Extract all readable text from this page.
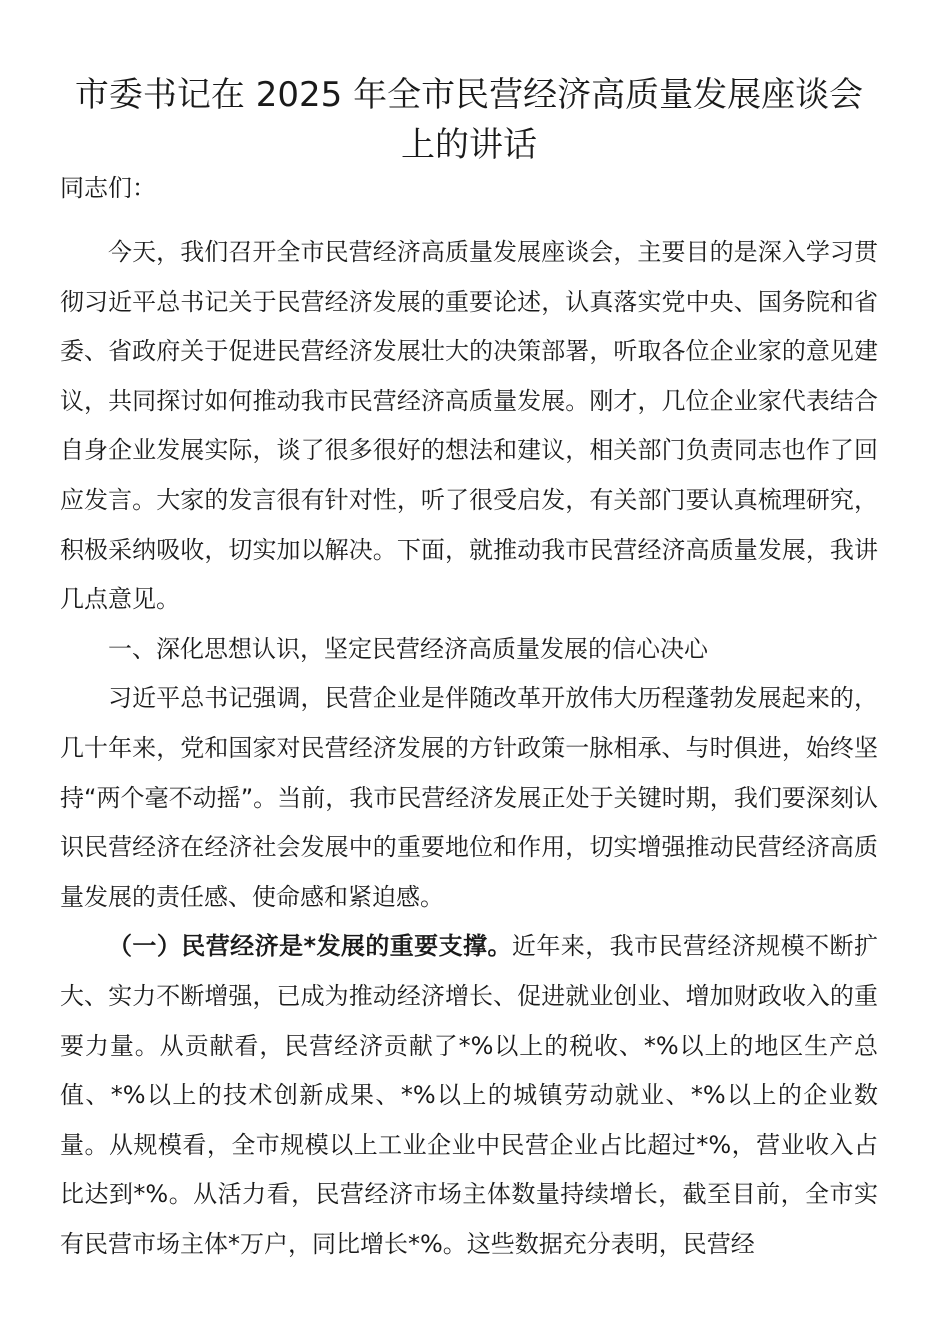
市委书记在 2025 年全市民营经济高质量发展座谈会上的讲话

同志们：

今天，我们召开全市民营经济高质量发展座谈会，主要目的是深入学习贯彻习近平总书记关于民营经济发展的重要论述，认真落实党中央、国务院和省委、省政府关于促进民营经济发展壮大的决策部署，听取各位企业家的意见建议，共同探讨如何推动我市民营经济高质量发展。刚才，几位企业家代表结合自身企业发展实际，谈了很多很好的想法和建议，相关部门负责同志也作了回应发言。大家的发言很有针对性，听了很受启发，有关部门要认真梳理研究，积极采纳吸收，切实加以解决。下面，就推动我市民营经济高质量发展，我讲几点意见。

一、深化思想认识，坚定民营经济高质量发展的信心决心

习近平总书记强调，民营企业是伴随改革开放伟大历程蓬勃发展起来的，几十年来，党和国家对民营经济发展的方针政策一脉相承、与时俱进，始终坚持“两个毫不动摇”。当前，我市民营经济发展正处于关键时期，我们要深刻认识民营经济在经济社会发展中的重要地位和作用，切实增强推动民营经济高质量发展的责任感、使命感和紧迫感。

（一）民营经济是*发展的重要支撑。近年来，我市民营经济规模不断扩大、实力不断增强，已成为推动经济增长、促进就业创业、增加财政收入的重要力量。从贡献看，民营经济贡献了*%以上的税收、*%以上的地区生产总值、*%以上的技术创新成果、*%以上的城镇劳动就业、*%以上的企业数量。从规模看，全市规模以上工业企业中民营企业占比超过*%，营业收入占比达到*%。从活力看，民营经济市场主体数量持续增长，截至目前，全市实有民营市场主体*万户，同比增长*%。这些数据充分表明，民营经
